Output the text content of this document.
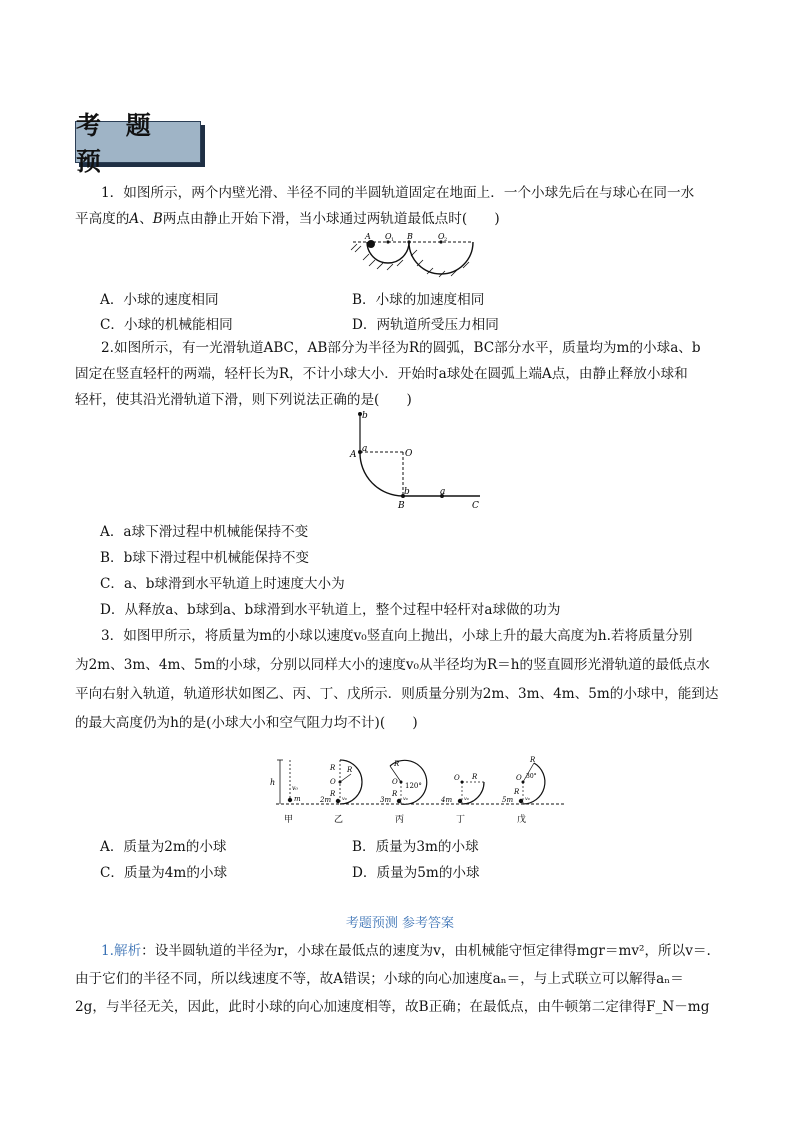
考 题 预
1．如图所示，两个内壁光滑、半径不同的半圆轨道固定在地面上．一个小球先后在与球心在同一水
平高度的A、B两点由静止开始下滑，当小球通过两轨道最低点时(　　)
A O 1 B	O 2
A．小球的速度相同	B．小球的加速度相同
C．小球的机械能相同	D．两轨道所受压力相同
2.如图所示，有一光滑轨道ABC，AB部分为半径为R的圆弧，BC部分水平，质量均为m的小球a、b
固定在竖直轻杆的两端，轻杆长为R，不计小球大小．开始时a球处在圆弧上端A点，由静止释放小球和
轻杆，使其沿光滑轨道下滑，则下列说法正确的是(　　)
b
a
A	O
b	a
B	C
A．a球下滑过程中机械能保持不变
B．b球下滑过程中机械能保持不变
C．a、b球滑到水平轨道上时速度大小为
D．从释放a、b球到a、b球滑到水平轨道上，整个过程中轻杆对a球做的功为
3．如图甲所示，将质量为m的小球以速度v₀竖直向上抛出，小球上升的最大高度为h.若将质量分别
为2m、3m、4m、5m的小球，分别以同样大小的速度v₀从半径均为R＝h的竖直圆形光滑轨道的最低点水
平向右射入轨道，轨道形状如图乙、丙、丁、戊所示．则质量分别为2m、3m、4m、5m的小球中，能到达
的最大高度仍为h的是(小球大小和空气阻力均不计)(　　)
h
v₀
m
R
O
R
R
2m v₀
R
O 120°
R
3m v₀
O R
4m v₀
R
O 30°
R
5m v₀
甲	乙	丙	丁	戊
A．质量为2m的小球	B．质量为3m的小球
C．质量为4m的小球	D．质量为5m的小球
考题预测 参考答案
1.解析：设半圆轨道的半径为r，小球在最低点的速度为v，由机械能守恒定律得mgr＝mv²，所以v＝.
由于它们的半径不同，所以线速度不等，故A错误；小球的向心加速度aₙ＝，与上式联立可以解得aₙ＝
2g，与半径无关，因此，此时小球的向心加速度相等，故B正确；在最低点，由牛顿第二定律得F_N－mg
